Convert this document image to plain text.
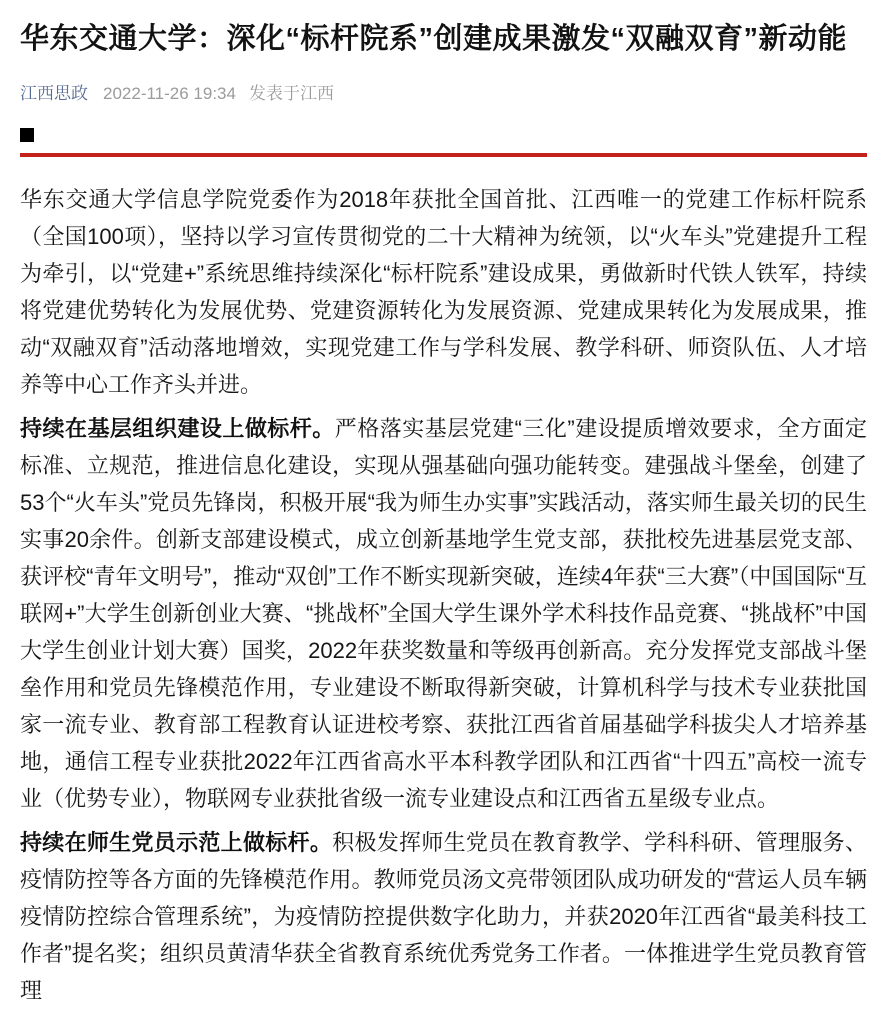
华东交通大学：深化“标杆院系”创建成果激发“双融双育”新动能
江西思政 2022-11-26 19:34 发表于江西

华东交通大学信息学院党委作为2018年获批全国首批、江西唯一的党建工作标杆院系（全国100项），坚持以学习宣传贯彻党的二十大精神为统领，以“火车头”党建提升工程为牵引，以“党建+”系统思维持续深化“标杆院系”建设成果，勇做新时代铁人铁军，持续将党建优势转化为发展优势、党建资源转化为发展资源、党建成果转化为发展成果，推动“双融双育”活动落地增效，实现党建工作与学科发展、教学科研、师资队伍、人才培养等中心工作齐头并进。

持续在基层组织建设上做标杆。严格落实基层党建“三化”建设提质增效要求，全方面定标准、立规范，推进信息化建设，实现从强基础向强功能转变。建强战斗堡垒，创建了53个“火车头”党员先锋岗，积极开展“我为师生办实事”实践活动，落实师生最关切的民生实事20余件。创新支部建设模式，成立创新基地学生党支部，获批校先进基层党支部、获评校“青年文明号”，推动“双创”工作不断实现新突破，连续4年获“三大赛”（中国国际“互联网+”大学生创新创业大赛、“挑战杯”全国大学生课外学术科技作品竞赛、“挑战杯”中国大学生创业计划大赛）国奖，2022年获奖数量和等级再创新高。充分发挥党支部战斗堡垒作用和党员先锋模范作用，专业建设不断取得新突破，计算机科学与技术专业获批国家一流专业、教育部工程教育认证进校考察、获批江西省首届基础学科拔尖人才培养基地，通信工程专业获批2022年江西省高水平本科教学团队和江西省“十四五”高校一流专业（优势专业），物联网专业获批省级一流专业建设点和江西省五星级专业点。

持续在师生党员示范上做标杆。积极发挥师生党员在教育教学、学科科研、管理服务、疫情防控等各方面的先锋模范作用。教师党员汤文亮带领团队成功研发的“营运人员车辆疫情防控综合管理系统”，为疫情防控提供数字化助力，并获2020年江西省“最美科技工作者”提名奖；组织员黄清华获全省教育系统优秀党务工作者。一体推进学生党员教育管理
